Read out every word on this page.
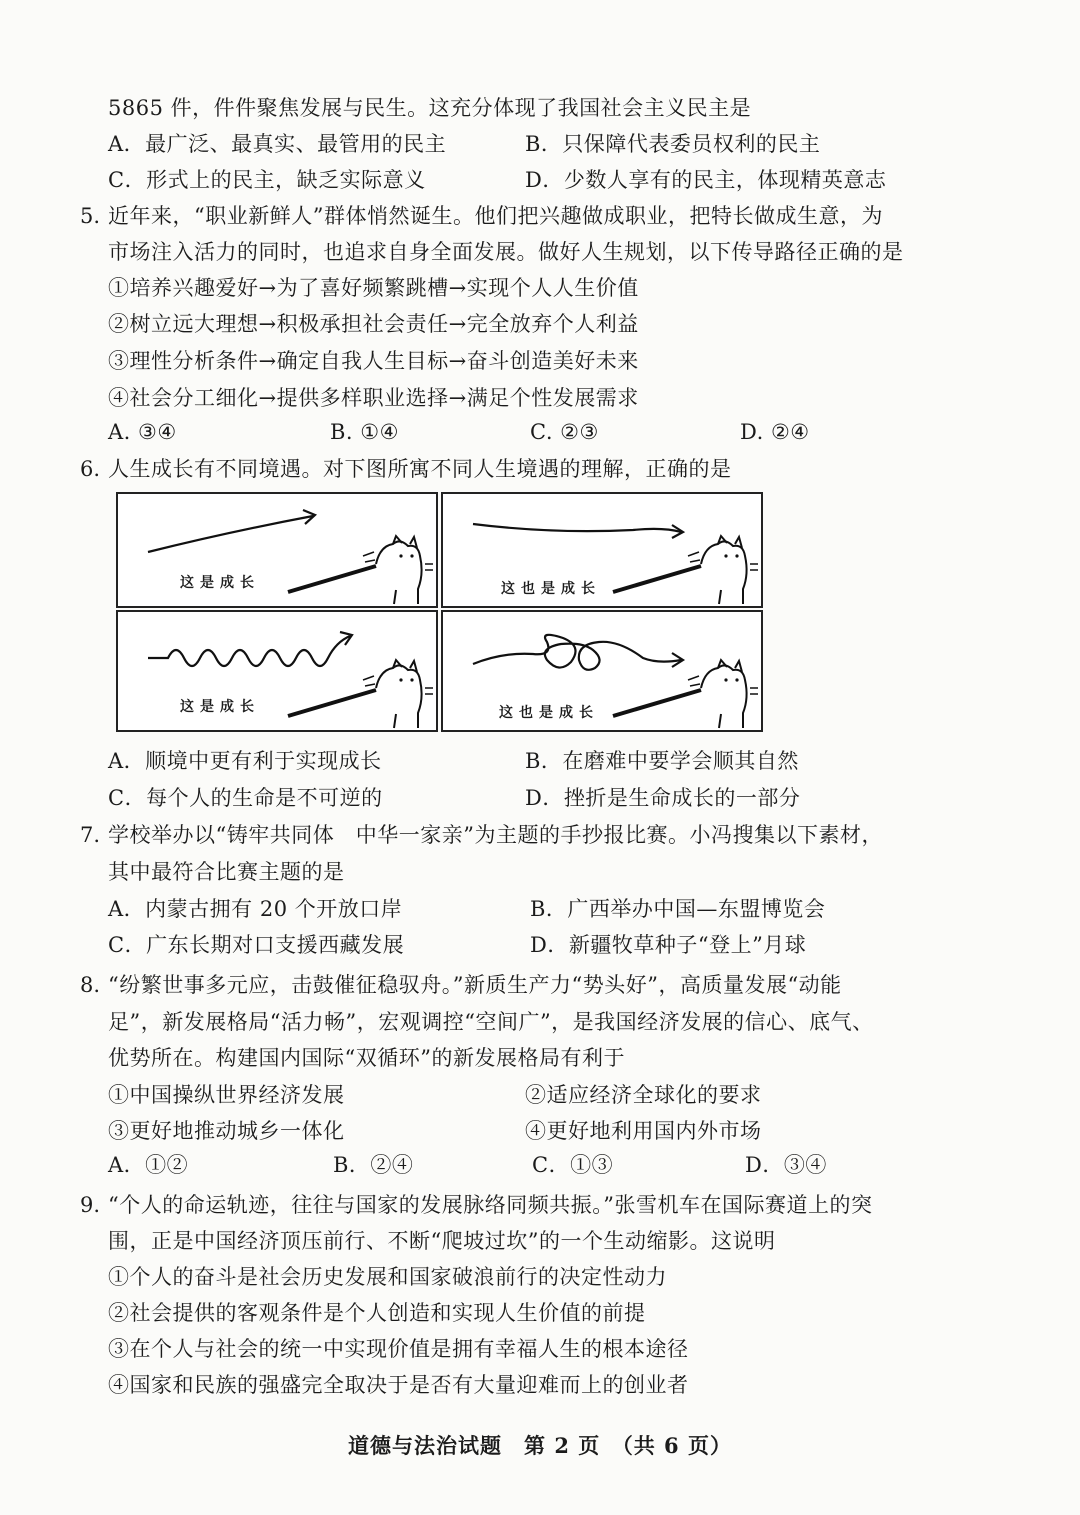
5865 件，件件聚焦发展与民生。这充分体现了我国社会主义民主是
A．最广泛、最真实、最管用的民主	B．只保障代表委员权利的民主
C．形式上的民主，缺乏实际意义	D．少数人享有的民主，体现精英意志
5. 近年来，“职业新鲜人”群体悄然诞生。他们把兴趣做成职业，把特长做成生意，为
市场注入活力的同时，也追求自身全面发展。做好人生规划，以下传导路径正确的是
①培养兴趣爱好→为了喜好频繁跳槽→实现个人人生价值
②树立远大理想→积极承担社会责任→完全放弃个人利益
③理性分析条件→确定自我人生目标→奋斗创造美好未来
④社会分工细化→提供多样职业选择→满足个性发展需求
A. ③④	B. ①④	C. ②③	D. ②④
6. 人生成长有不同境遇。对下图所寓不同人生境遇的理解，正确的是
这是成长	这也是成长
这是成长	这也是成长
A．顺境中更有利于实现成长	B．在磨难中要学会顺其自然
C．每个人的生命是不可逆的	D．挫折是生命成长的一部分
7. 学校举办以“铸牢共同体　中华一家亲”为主题的手抄报比赛。小冯搜集以下素材，
其中最符合比赛主题的是
A．内蒙古拥有 20 个开放口岸	B．广西举办中国—东盟博览会
C．广东长期对口支援西藏发展	D．新疆牧草种子“登上”月球
8. “纷繁世事多元应，击鼓催征稳驭舟。”新质生产力“势头好”，高质量发展“动能
足”，新发展格局“活力畅”，宏观调控“空间广”，是我国经济发展的信心、底气、
优势所在。构建国内国际“双循环”的新发展格局有利于
①中国操纵世界经济发展	②适应经济全球化的要求
③更好地推动城乡一体化	④更好地利用国内外市场
A．①②	B．②④	C．①③	D．③④
9. “个人的命运轨迹，往往与国家的发展脉络同频共振。”张雪机车在国际赛道上的突
围，正是中国经济顶压前行、不断“爬坡过坎”的一个生动缩影。这说明
①个人的奋斗是社会历史发展和国家破浪前行的决定性动力
②社会提供的客观条件是个人创造和实现人生价值的前提
③在个人与社会的统一中实现价值是拥有幸福人生的根本途径
④国家和民族的强盛完全取决于是否有大量迎难而上的创业者
道德与法治试题　第 2 页　（共 6 页）
